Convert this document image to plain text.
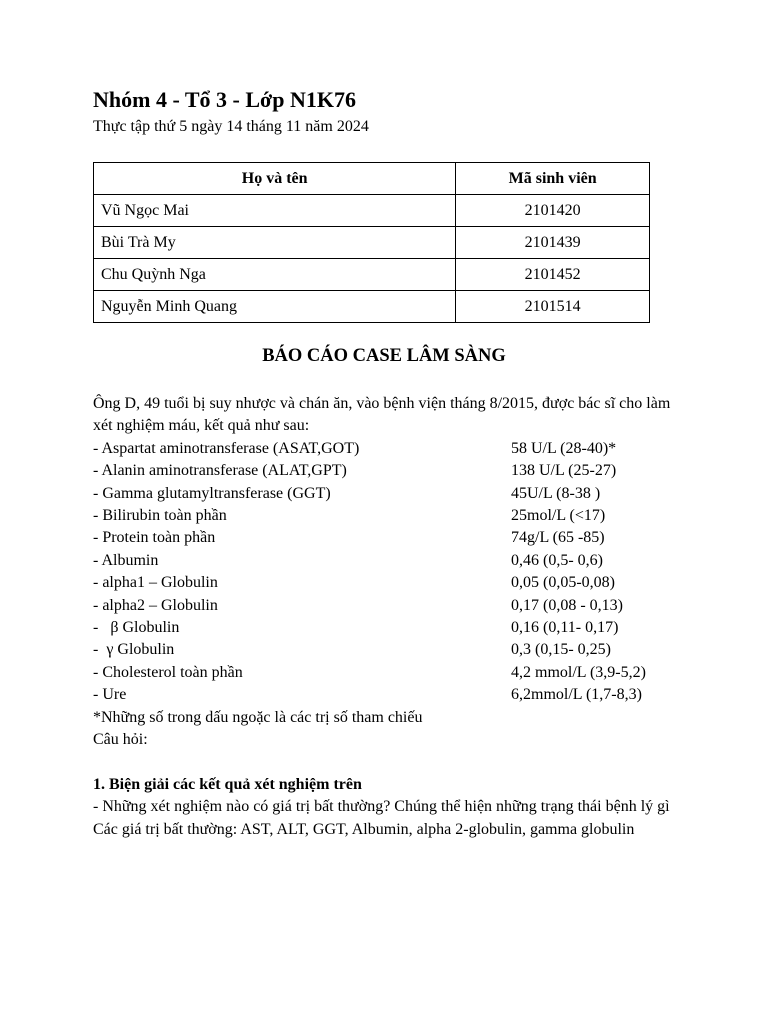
Nhóm 4 - Tổ 3 - Lớp N1K76
Thực tập thứ 5 ngày 14 tháng 11 năm 2024
Họ và tên	Mã sinh viên
Vũ Ngọc Mai	2101420
Bùi Trà My	2101439
Chu Quỳnh Nga	2101452
Nguyễn Minh Quang	2101514
BÁO CÁO CASE LÂM SÀNG

Ông D, 49 tuổi bị suy nhược và chán ăn, vào bệnh viện tháng 8/2015, được bác sĩ cho làm xét nghiệm máu, kết quả như sau:

- Aspartat aminotransferase (ASAT,GOT)	58 U/L (28-40)*
- Alanin aminotransferase (ALAT,GPT)	138 U/L (25-27)
- Gamma glutamyltransferase (GGT)	45U/L (8-38 )
- Bilirubin toàn phần	25mol/L (<17)
- Protein toàn phần	74g/L (65 -85)
- Albumin	0,46 (0,5- 0,6)
- alpha1 – Globulin	0,05 (0,05-0,08)
- alpha2 – Globulin	0,17 (0,08 - 0,13)
-   β Globulin	0,16 (0,11- 0,17)
-  γ Globulin	0,3 (0,15- 0,25)
- Cholesterol toàn phần	4,2 mmol/L (3,9-5,2)
- Ure	6,2mmol/L (1,7-8,3)

*Những số trong dấu ngoặc là các trị số tham chiếu

Câu hỏi:

1. Biện giải các kết quả xét nghiệm trên

- Những xét nghiệm nào có giá trị bất thường? Chúng thể hiện những trạng thái bệnh lý gì

Các giá trị bất thường: AST, ALT, GGT, Albumin, alpha 2-globulin, gamma globulin
